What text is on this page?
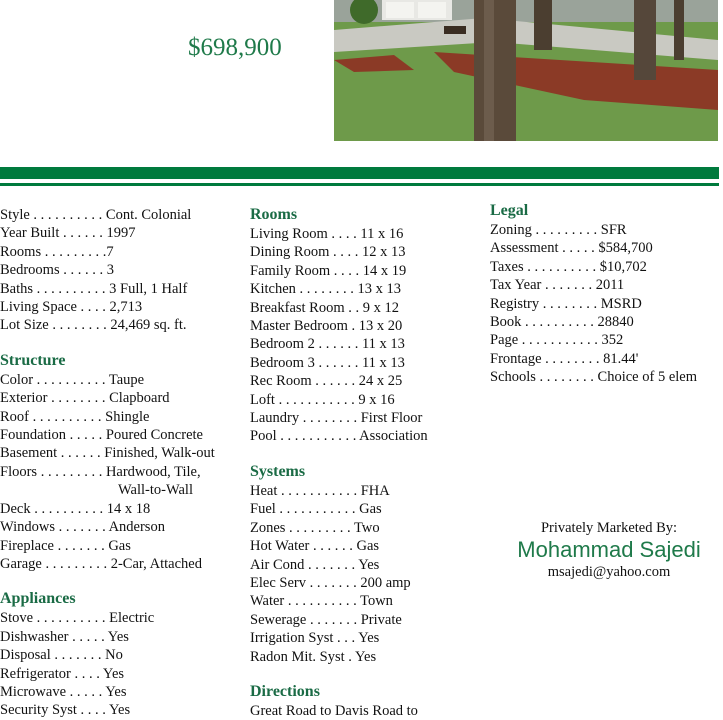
$698,900
Style . . . . . . . . . . Cont. Colonial
Year Built . . . . . . 1997
Rooms . . . . . . . . .7
Bedrooms . . . . . . 3
Baths . . . . . . . . . . 3 Full, 1 Half
Living Space . . . . 2,713
Lot Size . . . . . . . . 24,469 sq. ft.
Structure
Color . . . . . . . . . . Taupe
Exterior . . . . . . . . Clapboard
Roof . . . . . . . . . . Shingle
Foundation . . . . . Poured Concrete
Basement . . . . . . Finished, Walk-out
Floors . . . . . . . . . Hardwood, Tile,
Wall-to-Wall
Deck . . . . . . . . . . 14 x 18
Windows . . . . . . . Anderson
Fireplace . . . . . . . Gas
Garage . . . . . . . . . 2-Car, Attached
Appliances
Stove . . . . . . . . . . Electric
Dishwasher . . . . . Yes
Disposal . . . . . . . No
Refrigerator . . . . Yes
Microwave . . . . . Yes
Security Syst . . . . Yes
Rooms
Living Room . . . . 11 x 16
Dining Room . . . . 12 x 13
Family Room . . . . 14 x 19
Kitchen . . . . . . . . 13 x 13
Breakfast Room . . 9 x 12
Master Bedroom . 13 x 20
Bedroom 2 . . . . . . 11 x 13
Bedroom 3 . . . . . . 11 x 13
Rec Room . . . . . . 24 x 25
Loft . . . . . . . . . . . 9 x 16
Laundry . . . . . . . . First Floor
Pool . . . . . . . . . . . Association
Systems
Heat . . . . . . . . . . . FHA
Fuel . . . . . . . . . . . Gas
Zones . . . . . . . . . Two
Hot Water . . . . . . Gas
Air Cond . . . . . . . Yes
Elec Serv . . . . . . . 200 amp
Water . . . . . . . . . . Town
Sewerage . . . . . . . Private
Irrigation Syst . . . Yes
Radon Mit. Syst . Yes
Directions
Great Road to Davis Road to
Legal
Zoning . . . . . . . . . SFR
Assessment . . . . . $584,700
Taxes . . . . . . . . . . $10,702
Tax Year . . . . . . . 2011
Registry . . . . . . . . MSRD
Book . . . . . . . . . . 28840
Page . . . . . . . . . . . 352
Frontage . . . . . . . . 81.44'
Schools . . . . . . . . Choice of 5 elem
Privately Marketed By:
Mohammad Sajedi
msajedi@yahoo.com
